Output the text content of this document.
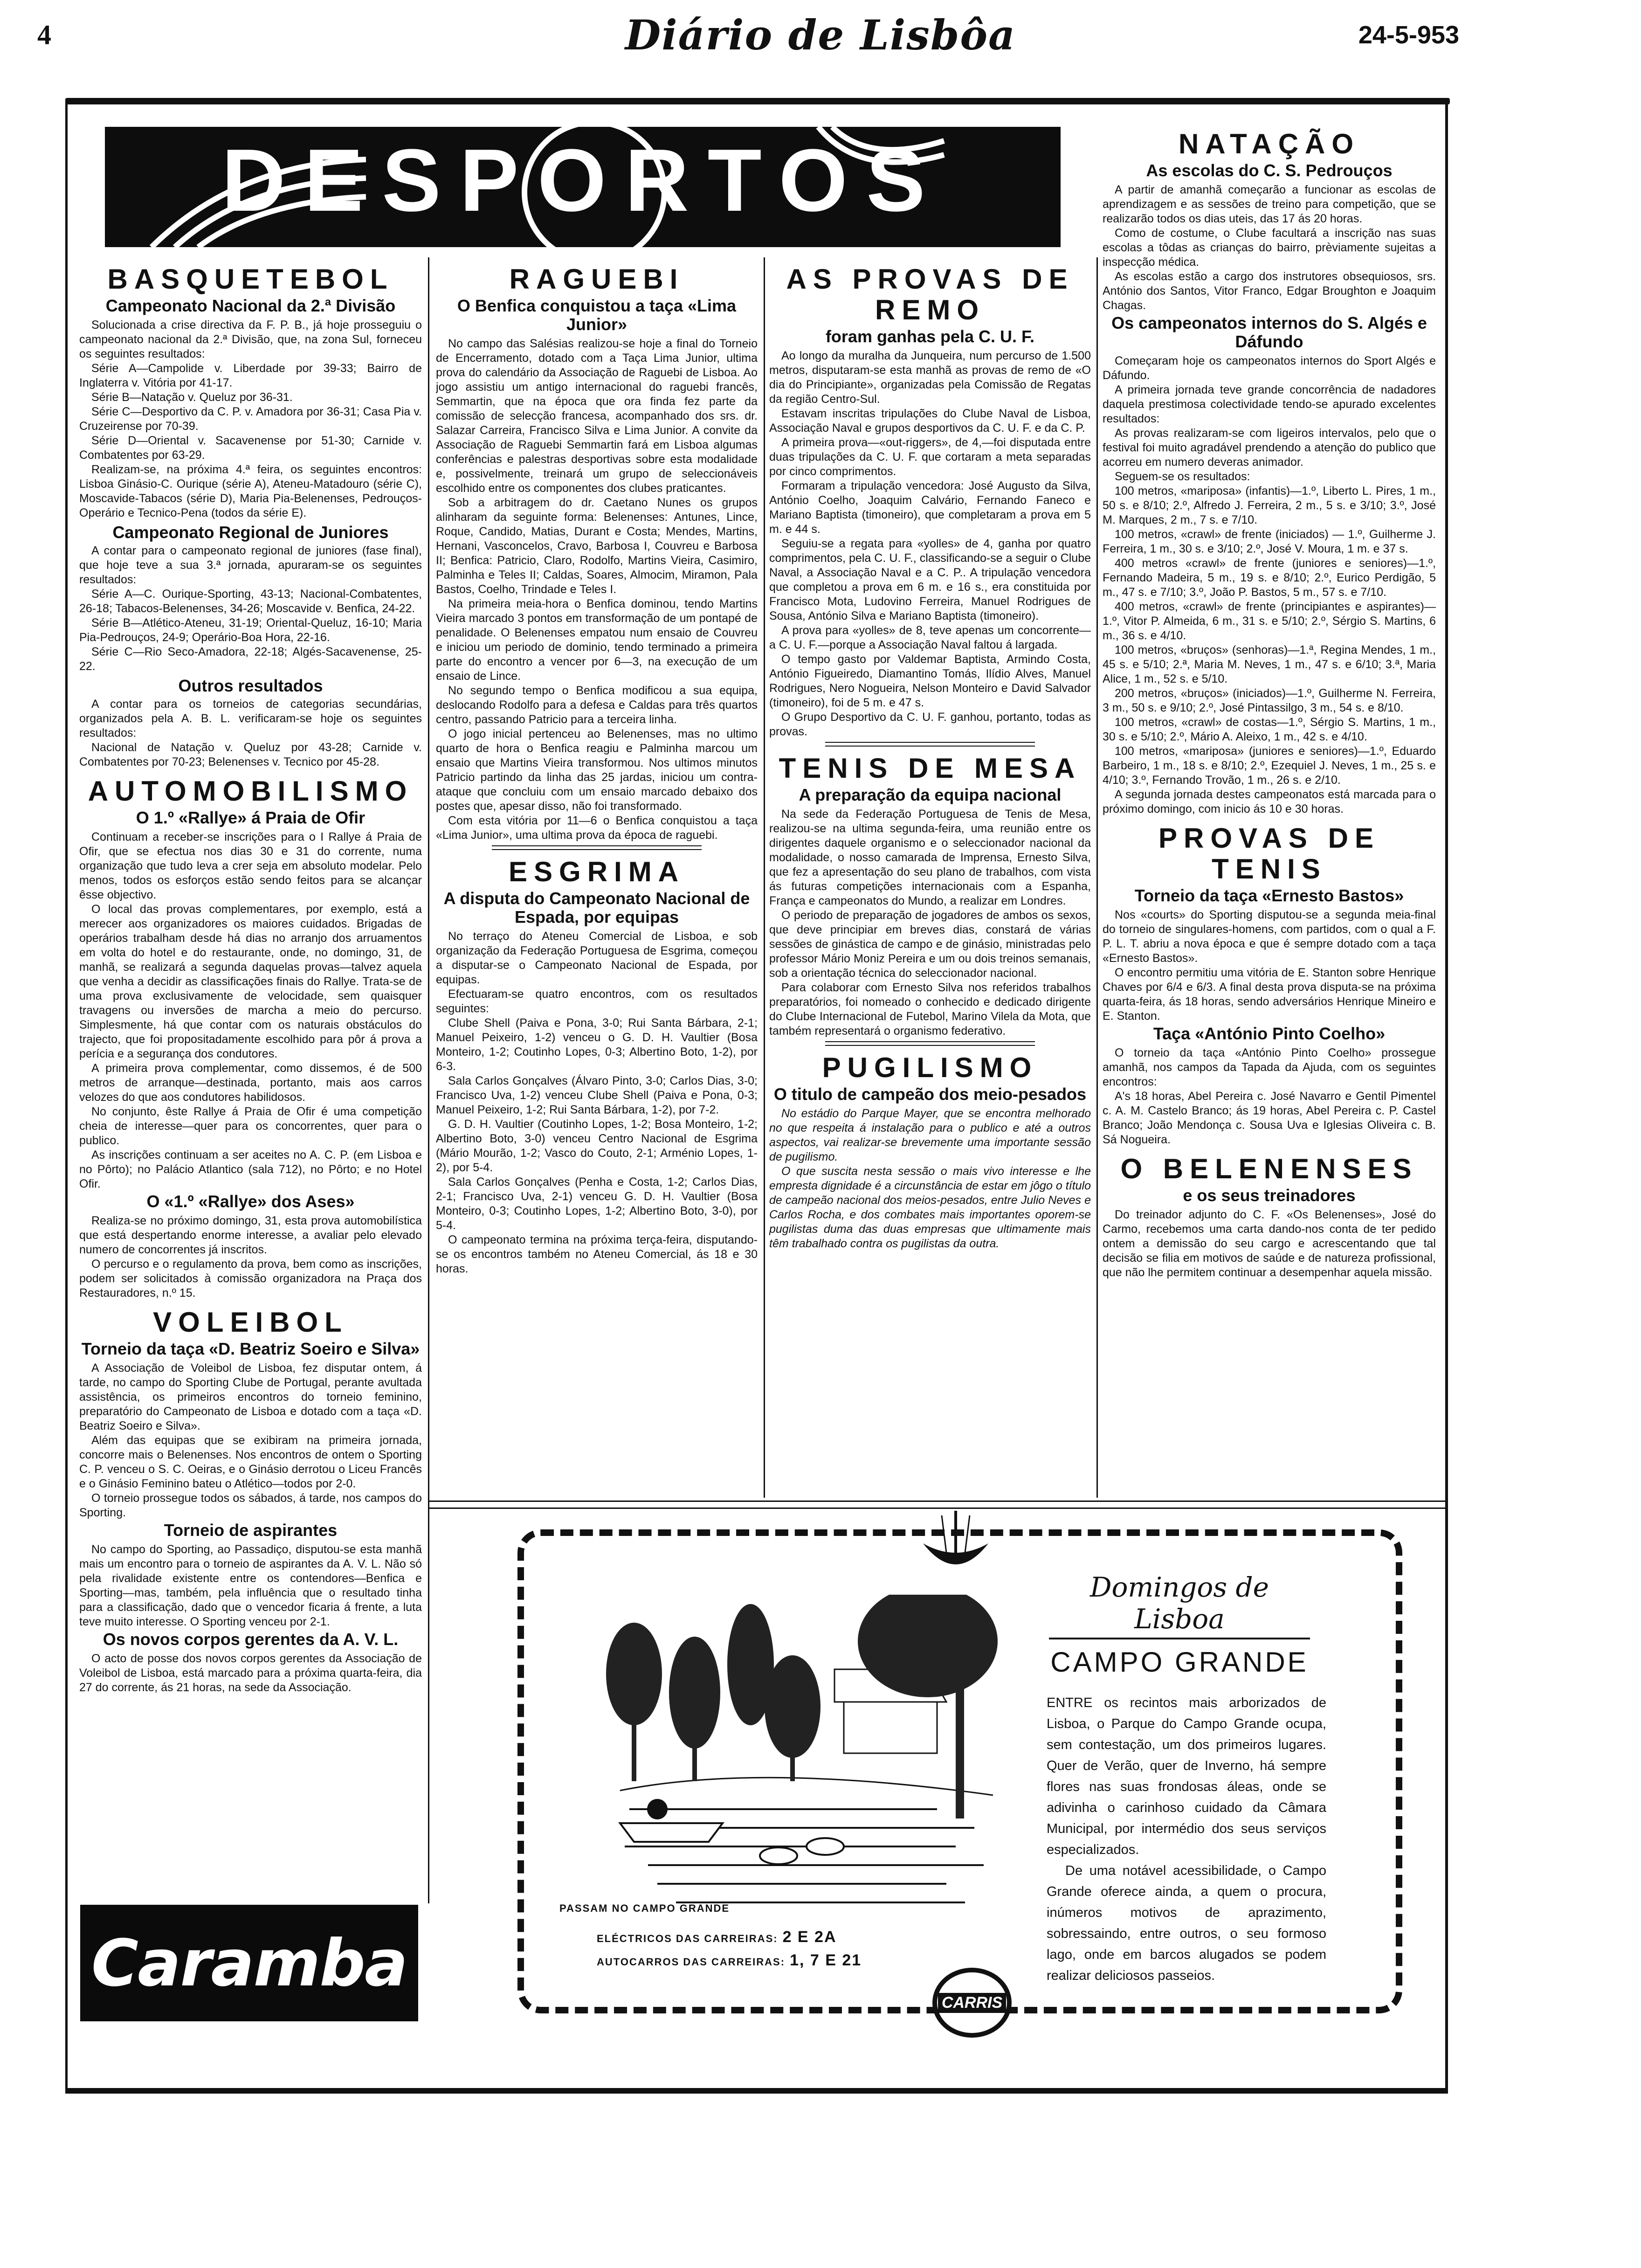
4	Diário de Lisbôa	24-5-953
DESPORTOS
BASQUETEBOL
Campeonato Nacional da 2.ª Divisão

Solucionada a crise directiva da F. P. B., já hoje prosseguiu o campeonato nacional da 2.ª Divisão, que, na zona Sul, forneceu os seguintes resultados:

Série A—Campolide v. Liberdade por 39-33; Bairro de Inglaterra v. Vitória por 41-17.

Série B—Natação v. Queluz por 36-31.

Série C—Desportivo da C. P. v. Amadora por 36-31; Casa Pia v. Cruzeirense por 70-39.

Série D—Oriental v. Sacavenense por 51-30; Carnide v. Combatentes por 63-29.

Realizam-se, na próxima 4.ª feira, os seguintes encontros: Lisboa Ginásio-C. Ourique (série A), Ateneu-Matadouro (série C), Moscavide-Tabacos (série D), Maria Pia-Belenenses, Pedrouços-Operário e Tecnico-Pena (todos da série E).

Campeonato Regional de Juniores

A contar para o campeonato regional de juniores (fase final), que hoje teve a sua 3.ª jornada, apuraram-se os seguintes resultados:

Série A—C. Ourique-Sporting, 43-13; Nacional-Combatentes, 26-18; Tabacos-Belenenses, 34-26; Moscavide v. Benfica, 24-22.

Série B—Atlético-Ateneu, 31-19; Oriental-Queluz, 16-10; Maria Pia-Pedrouços, 24-9; Operário-Boa Hora, 22-16.

Série C—Rio Seco-Amadora, 22-18; Algés-Sacavenense, 25-22.

Outros resultados

A contar para os torneios de categorias secundárias, organizados pela A. B. L. verificaram-se hoje os seguintes resultados:

Nacional de Natação v. Queluz por 43-28; Carnide v. Combatentes por 70-23; Belenenses v. Tecnico por 45-28.

AUTOMOBILISMO
O 1.º «Rallye» á Praia de Ofir

Continuam a receber-se inscrições para o I Rallye á Praia de Ofir, que se efectua nos dias 30 e 31 do corrente, numa organização que tudo leva a crer seja em absoluto modelar. Pelo menos, todos os esforços estão sendo feitos para se alcançar êsse objectivo.

O local das provas complementares, por exemplo, está a merecer aos organizadores os maiores cuidados. Brigadas de operários trabalham desde há dias no arranjo dos arruamentos em volta do hotel e do restaurante, onde, no domingo, 31, de manhã, se realizará a segunda daquelas provas—talvez aquela que venha a decidir as classificações finais do Rallye. Trata-se de uma prova exclusivamente de velocidade, sem quaisquer travagens ou inversões de marcha a meio do percurso. Simplesmente, há que contar com os naturais obstáculos do trajecto, que foi propositadamente escolhido para pôr á prova a perícia e a segurança dos condutores.

A primeira prova complementar, como dissemos, é de 500 metros de arranque—destinada, portanto, mais aos carros velozes do que aos condutores habilidosos.

No conjunto, êste Rallye á Praia de Ofir é uma competição cheia de interesse—quer para os concorrentes, quer para o publico.

As inscrições continuam a ser aceites no A. C. P. (em Lisboa e no Pôrto); no Palácio Atlantico (sala 712), no Pôrto; e no Hotel Ofir.

O «1.º «Rallye» dos Ases»

Realiza-se no próximo domingo, 31, esta prova automobilística que está despertando enorme interesse, a avaliar pelo elevado numero de concorrentes já inscritos.

O percurso e o regulamento da prova, bem como as inscrições, podem ser solicitados à comissão organizadora na Praça dos Restauradores, n.º 15.

VOLEIBOL
Torneio da taça «D. Beatriz Soeiro e Silva»

A Associação de Voleibol de Lisboa, fez disputar ontem, á tarde, no campo do Sporting Clube de Portugal, perante avultada assistência, os primeiros encontros do torneio feminino, preparatório do Campeonato de Lisboa e dotado com a taça «D. Beatriz Soeiro e Silva».

Além das equipas que se exibiram na primeira jornada, concorre mais o Belenenses. Nos encontros de ontem o Sporting C. P. venceu o S. C. Oeiras, e o Ginásio derrotou o Liceu Francês e o Ginásio Feminino bateu o Atlético—todos por 2-0.

O torneio prossegue todos os sábados, á tarde, nos campos do Sporting.

Torneio de aspirantes

No campo do Sporting, ao Passadiço, disputou-se esta manhã mais um encontro para o torneio de aspirantes da A. V. L. Não só pela rivalidade existente entre os contendores—Benfica e Sporting—mas, também, pela influência que o resultado tinha para a classificação, dado que o vencedor ficaria á frente, a luta teve muito interesse. O Sporting venceu por 2-1.

Os novos corpos gerentes da A. V. L.

O acto de posse dos novos corpos gerentes da Associação de Voleibol de Lisboa, está marcado para a próxima quarta-feira, dia 27 do corrente, ás 21 horas, na sede da Associação.

RAGUEBI
O Benfica conquistou a taça «Lima Junior»

No campo das Salésias realizou-se hoje a final do Torneio de Encerramento, dotado com a Taça Lima Junior, ultima prova do calendário da Associação de Raguebi de Lisboa. Ao jogo assistiu um antigo internacional do raguebi francês, Semmartin, que na época que ora finda fez parte da comissão de selecção francesa, acompanhado dos srs. dr. Salazar Carreira, Francisco Silva e Lima Junior. A convite da Associação de Raguebi Semmartin fará em Lisboa algumas conferências e palestras desportivas sobre esta modalidade e, possivelmente, treinará um grupo de seleccionáveis escolhido entre os componentes dos clubes praticantes.

Sob a arbitragem do dr. Caetano Nunes os grupos alinharam da seguinte forma: Belenenses: Antunes, Lince, Roque, Candido, Matias, Durant e Costa; Mendes, Martins, Hernani, Vasconcelos, Cravo, Barbosa I, Couvreu e Barbosa II; Benfica: Patricio, Claro, Rodolfo, Martins Vieira, Casimiro, Palminha e Teles II; Caldas, Soares, Almocim, Miramon, Pala Bastos, Coelho, Trindade e Teles I.

Na primeira meia-hora o Benfica dominou, tendo Martins Vieira marcado 3 pontos em transformação de um pontapé de penalidade. O Belenenses empatou num ensaio de Couvreu e iniciou um periodo de dominio, tendo terminado a primeira parte do encontro a vencer por 6—3, na execução de um ensaio de Lince.

No segundo tempo o Benfica modificou a sua equipa, deslocando Rodolfo para a defesa e Caldas para três quartos centro, passando Patricio para a terceira linha.

O jogo inicial pertenceu ao Belenenses, mas no ultimo quarto de hora o Benfica reagiu e Palminha marcou um ensaio que Martins Vieira transformou. Nos ultimos minutos Patricio partindo da linha das 25 jardas, iniciou um contra-ataque que concluiu com um ensaio marcado debaixo dos postes que, apesar disso, não foi transformado.

Com esta vitória por 11—6 o Benfica conquistou a taça «Lima Junior», uma ultima prova da época de raguebi.

ESGRIMA
A disputa do Campeonato Nacional de Espada, por equipas

No terraço do Ateneu Comercial de Lisboa, e sob organização da Federação Portuguesa de Esgrima, começou a disputar-se o Campeonato Nacional de Espada, por equipas.

Efectuaram-se quatro encontros, com os resultados seguintes:

Clube Shell (Paiva e Pona, 3-0; Rui Santa Bárbara, 2-1; Manuel Peixeiro, 1-2) venceu o G. D. H. Vaultier (Bosa Monteiro, 1-2; Coutinho Lopes, 0-3; Albertino Boto, 1-2), por 6-3.

Sala Carlos Gonçalves (Álvaro Pinto, 3-0; Carlos Dias, 3-0; Francisco Uva, 1-2) venceu Clube Shell (Paiva e Pona, 0-3; Manuel Peixeiro, 1-2; Rui Santa Bárbara, 1-2), por 7-2.

G. D. H. Vaultier (Coutinho Lopes, 1-2; Bosa Monteiro, 1-2; Albertino Boto, 3-0) venceu Centro Nacional de Esgrima (Mário Mourão, 1-2; Vasco do Couto, 2-1; Arménio Lopes, 1-2), por 5-4.

Sala Carlos Gonçalves (Penha e Costa, 1-2; Carlos Dias, 2-1; Francisco Uva, 2-1) venceu G. D. H. Vaultier (Bosa Monteiro, 0-3; Coutinho Lopes, 1-2; Albertino Boto, 3-0), por 5-4.

O campeonato termina na próxima terça-feira, disputando-se os encontros também no Ateneu Comercial, ás 18 e 30 horas.

AS PROVAS DE REMO
foram ganhas pela C. U. F.

Ao longo da muralha da Junqueira, num percurso de 1.500 metros, disputaram-se esta manhã as provas de remo de «O dia do Principiante», organizadas pela Comissão de Regatas da região Centro-Sul.

Estavam inscritas tripulações do Clube Naval de Lisboa, Associação Naval e grupos desportivos da C. U. F. e da C. P.

A primeira prova—«out-riggers», de 4,—foi disputada entre duas tripulações da C. U. F. que cortaram a meta separadas por cinco comprimentos.

Formaram a tripulação vencedora: José Augusto da Silva, António Coelho, Joaquim Calvário, Fernando Faneco e Mariano Baptista (timoneiro), que completaram a prova em 5 m. e 44 s.

Seguiu-se a regata para «yolles» de 4, ganha por quatro comprimentos, pela C. U. F., classificando-se a seguir o Clube Naval, a Associação Naval e a C. P.. A tripulação vencedora que completou a prova em 6 m. e 16 s., era constituida por Francisco Mota, Ludovino Ferreira, Manuel Rodrigues de Sousa, António Silva e Mariano Baptista (timoneiro).

A prova para «yolles» de 8, teve apenas um concorrente—a C. U. F.—porque a Associação Naval faltou á largada.

O tempo gasto por Valdemar Baptista, Armindo Costa, António Figueiredo, Diamantino Tomás, Ilídio Alves, Manuel Rodrigues, Nero Nogueira, Nelson Monteiro e David Salvador (timoneiro), foi de 5 m. e 47 s.

O Grupo Desportivo da C. U. F. ganhou, portanto, todas as provas.

TENIS DE MESA
A preparação da equipa nacional

Na sede da Federação Portuguesa de Tenis de Mesa, realizou-se na ultima segunda-feira, uma reunião entre os dirigentes daquele organismo e o seleccionador nacional da modalidade, o nosso camarada de Imprensa, Ernesto Silva, que fez a apresentação do seu plano de trabalhos, com vista ás futuras competições internacionais com a Espanha, França e campeonatos do Mundo, a realizar em Londres.

O periodo de preparação de jogadores de ambos os sexos, que deve principiar em breves dias, constará de várias sessões de ginástica de campo e de ginásio, ministradas pelo professor Mário Moniz Pereira e um ou dois treinos semanais, sob a orientação técnica do seleccionador nacional.

Para colaborar com Ernesto Silva nos referidos trabalhos preparatórios, foi nomeado o conhecido e dedicado dirigente do Clube Internacional de Futebol, Marino Vilela da Mota, que também representará o organismo federativo.

PUGILISMO
O titulo de campeão dos meio-pesados

No estádio do Parque Mayer, que se encontra melhorado no que respeita á instalação para o publico e até a outros aspectos, vai realizar-se brevemente uma importante sessão de pugilismo.

O que suscita nesta sessão o mais vivo interesse e lhe empresta dignidade é a circunstância de estar em jôgo o título de campeão nacional dos meios-pesados, entre Julio Neves e Carlos Rocha, e dos combates mais importantes oporem-se pugilistas duma das duas empresas que ultimamente mais têm trabalhado contra os pugilistas da outra.

NATAÇÃO
As escolas do C. S. Pedrouços

A partir de amanhã começarão a funcionar as escolas de aprendizagem e as sessões de treino para competição, que se realizarão todos os dias uteis, das 17 ás 20 horas.

Como de costume, o Clube facultará a inscrição nas suas escolas a tôdas as crianças do bairro, prèviamente sujeitas a inspecção médica.

As escolas estão a cargo dos instrutores obsequiosos, srs. António dos Santos, Vitor Franco, Edgar Broughton e Joaquim Chagas.

Os campeonatos internos do S. Algés e Dáfundo

Começaram hoje os campeonatos internos do Sport Algés e Dáfundo.

A primeira jornada teve grande concorrência de nadadores daquela prestimosa colectividade tendo-se apurado excelentes resultados:

As provas realizaram-se com ligeiros intervalos, pelo que o festival foi muito agradável prendendo a atenção do publico que acorreu em numero deveras animador.

Seguem-se os resultados:

100 metros, «mariposa» (infantis)—1.º, Liberto L. Pires, 1 m., 50 s. e 8/10; 2.º, Alfredo J. Ferreira, 2 m., 5 s. e 3/10; 3.º, José M. Marques, 2 m., 7 s. e 7/10.

100 metros, «crawl» de frente (iniciados) — 1.º, Guilherme J. Ferreira, 1 m., 30 s. e 3/10; 2.º, José V. Moura, 1 m. e 37 s.

400 metros «crawl» de frente (juniores e seniores)—1.º, Fernando Madeira, 5 m., 19 s. e 8/10; 2.º, Eurico Perdigão, 5 m., 47 s. e 7/10; 3.º, João P. Bastos, 5 m., 57 s. e 7/10.

400 metros, «crawl» de frente (principiantes e aspirantes)—1.º, Vitor P. Almeida, 6 m., 31 s. e 5/10; 2.º, Sérgio S. Martins, 6 m., 36 s. e 4/10.

100 metros, «bruços» (senhoras)—1.ª, Regina Mendes, 1 m., 45 s. e 5/10; 2.ª, Maria M. Neves, 1 m., 47 s. e 6/10; 3.ª, Maria Alice, 1 m., 52 s. e 5/10.

200 metros, «bruços» (iniciados)—1.º, Guilherme N. Ferreira, 3 m., 50 s. e 9/10; 2.º, José Pintassilgo, 3 m., 54 s. e 8/10.

100 metros, «crawl» de costas—1.º, Sérgio S. Martins, 1 m., 30 s. e 5/10; 2.º, Mário A. Aleixo, 1 m., 42 s. e 4/10.

100 metros, «mariposa» (juniores e seniores)—1.º, Eduardo Barbeiro, 1 m., 18 s. e 8/10; 2.º, Ezequiel J. Neves, 1 m., 25 s. e 4/10; 3.º, Fernando Trovão, 1 m., 26 s. e 2/10.

A segunda jornada destes campeonatos está marcada para o próximo domingo, com inicio ás 10 e 30 horas.

PROVAS DE TENIS
Torneio da taça «Ernesto Bastos»

Nos «courts» do Sporting disputou-se a segunda meia-final do torneio de singulares-homens, com partidos, com o qual a F. P. L. T. abriu a nova época e que é sempre dotado com a taça «Ernesto Bastos».

O encontro permitiu uma vitória de E. Stanton sobre Henrique Chaves por 6/4 e 6/3. A final desta prova disputa-se na próxima quarta-feira, ás 18 horas, sendo adversários Henrique Mineiro e E. Stanton.

Taça «António Pinto Coelho»

O torneio da taça «António Pinto Coelho» prossegue amanhã, nos campos da Tapada da Ajuda, com os seguintes encontros:

A's 18 horas, Abel Pereira c. José Navarro e Gentil Pimentel c. A. M. Castelo Branco; ás 19 horas, Abel Pereira c. P. Castel Branco; João Mendonça c. Sousa Uva e Iglesias Oliveira c. B. Sá Nogueira.

O BELENENSES
e os seus treinadores

Do treinador adjunto do C. F. «Os Belenenses», José do Carmo, recebemos uma carta dando-nos conta de ter pedido ontem a demissão do seu cargo e acrescentando que tal decisão se filia em motivos de saúde e de natureza profissional, que não lhe permitem continuar a desempenhar aquela missão.

Caramba
Domingos de Lisboa
CAMPO GRANDE

ENTRE os recintos mais arborizados de Lisboa, o Parque do Campo Grande ocupa, sem contestação, um dos primeiros lugares. Quer de Verão, quer de Inverno, há sempre flores nas suas frondosas áleas, onde se adivinha o carinhoso cuidado da Câmara Municipal, por intermédio dos seus serviços especializados.

De uma notável acessibilidade, o Campo Grande oferece ainda, a quem o procura, inúmeros motivos de aprazimento, sobressaindo, entre outros, o seu formoso lago, onde em barcos alugados se podem realizar deliciosos passeios.

PASSAM NO CAMPO GRANDE
ELÉCTRICOS DAS CARREIRAS: 2 E 2A
AUTOCARROS DAS CARREIRAS: 1, 7 E 21
CARRIS
